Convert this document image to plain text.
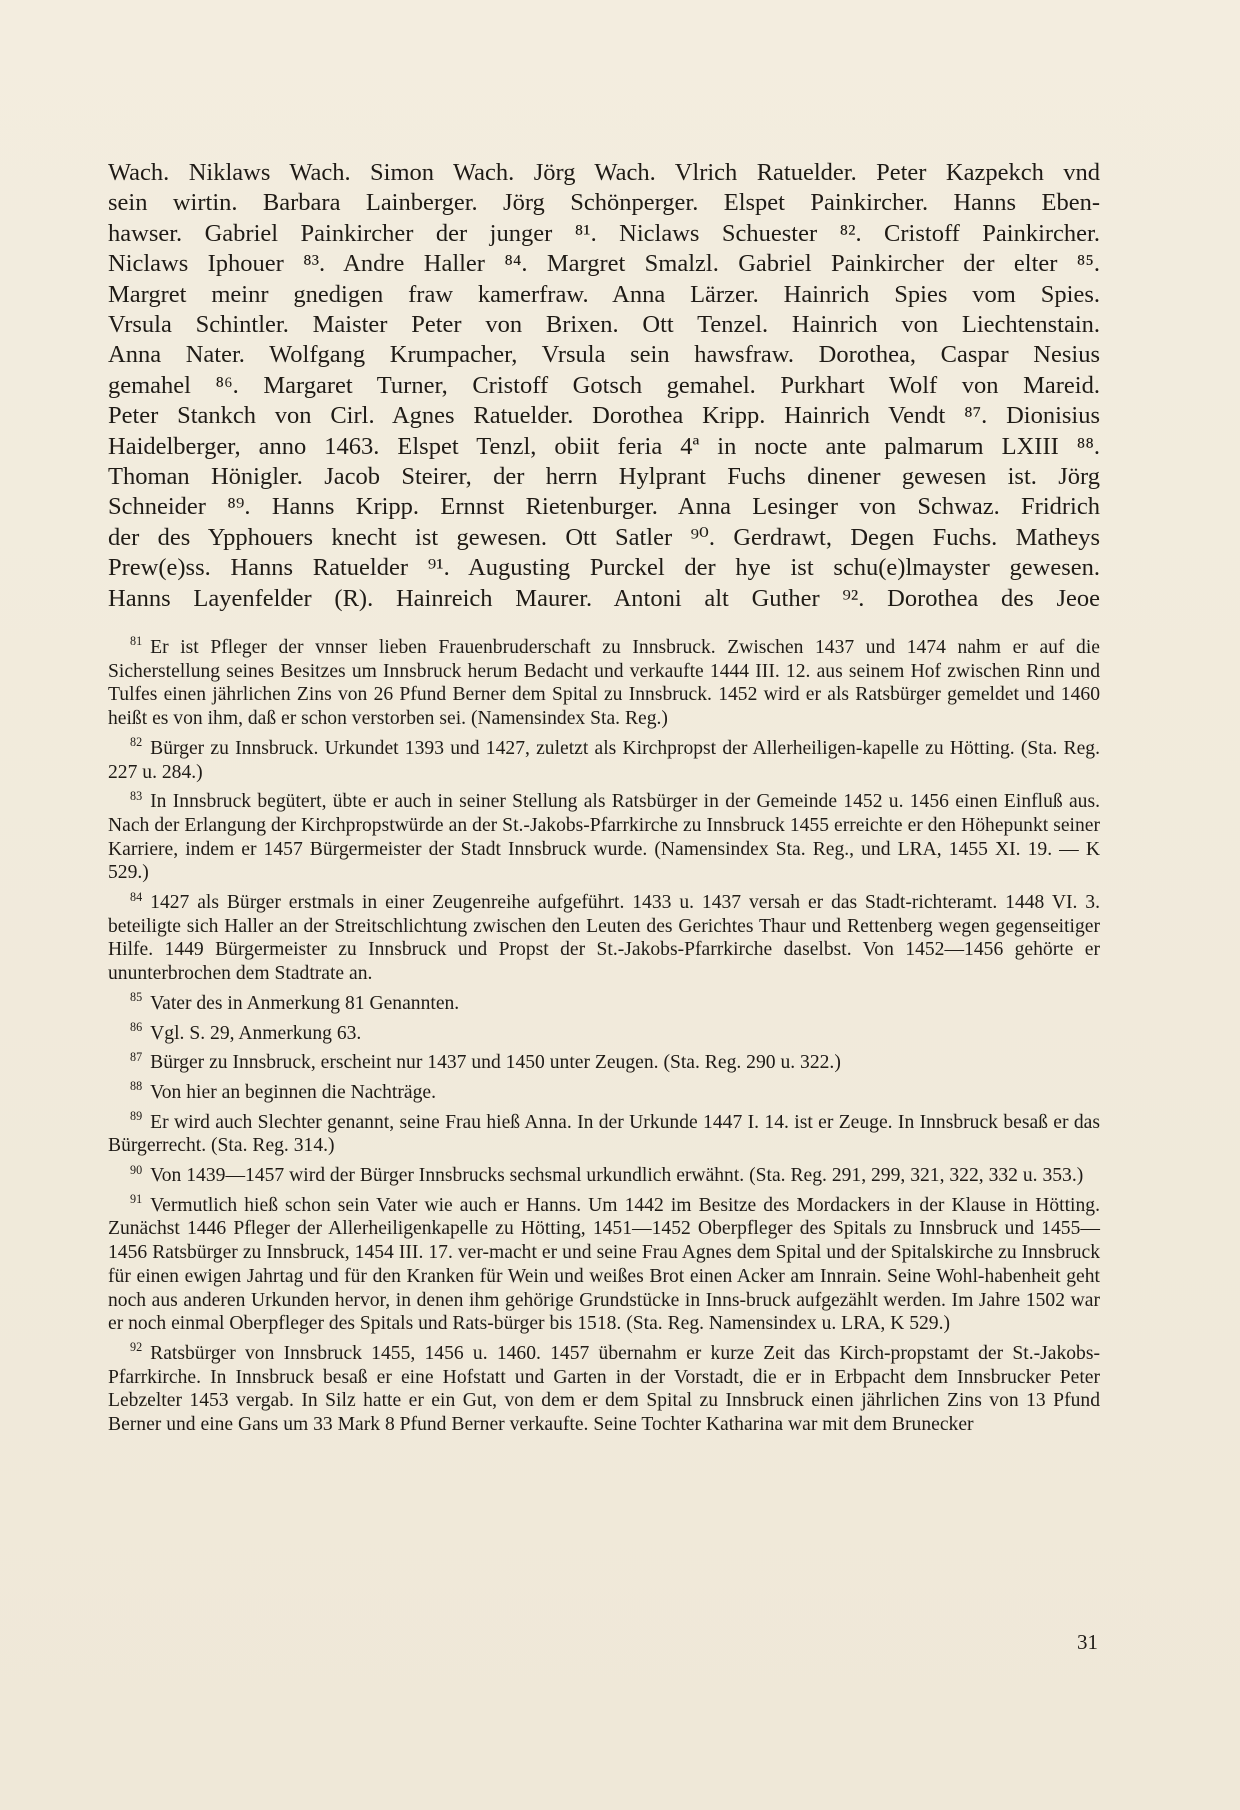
Wach. Niklaws Wach. Simon Wach. Jörg Wach. Vlrich Ratuelder. Peter Kazpekch vnd

sein wirtin. Barbara Lainberger. Jörg Schönperger. Elspet Painkircher. Hanns Eben-

hawser. Gabriel Painkircher der junger ⁸¹. Niclaws Schuester ⁸². Cristoff Painkircher.

Niclaws Iphouer ⁸³. Andre Haller ⁸⁴. Margret Smalzl. Gabriel Painkircher der elter ⁸⁵.

Margret meinr gnedigen fraw kamerfraw. Anna Lärzer. Hainrich Spies vom Spies.

Vrsula Schintler. Maister Peter von Brixen. Ott Tenzel. Hainrich von Liechtenstain.

Anna Nater. Wolfgang Krumpacher, Vrsula sein hawsfraw. Dorothea, Caspar Nesius

gemahel ⁸⁶. Margaret Turner, Cristoff Gotsch gemahel. Purkhart Wolf von Mareid.

Peter Stankch von Cirl. Agnes Ratuelder. Dorothea Kripp. Hainrich Vendt ⁸⁷. Dionisius

Haidelberger, anno 1463. Elspet Tenzl, obiit feria 4ª in nocte ante palmarum LXIII ⁸⁸.

Thoman Hönigler. Jacob Steirer, der herrn Hylprant Fuchs dinener gewesen ist. Jörg

Schneider ⁸⁹. Hanns Kripp. Ernnst Rietenburger. Anna Lesinger von Schwaz. Fridrich

der des Ypphouers knecht ist gewesen. Ott Satler ⁹⁰. Gerdrawt, Degen Fuchs. Matheys

Prew(e)ss. Hanns Ratuelder ⁹¹. Augusting Purckel der hye ist schu(e)lmayster gewesen.

Hanns Layenfelder (R). Hainreich Maurer. Antoni alt Guther ⁹². Dorothea des Jeoe

$^{81}$ Er ist Pfleger der vnnser lieben Frauenbruderschaft zu Innsbruck. Zwischen 1437 und 1474 nahm er auf die Sicherstellung seines Besitzes um Innsbruck herum Bedacht und verkaufte 1444 III. 12. aus seinem Hof zwischen Rinn und Tulfes einen jährlichen Zins von 26 Pfund Berner dem Spital zu Innsbruck. 1452 wird er als Ratsbürger gemeldet und 1460 heißt es von ihm, daß er schon verstorben sei. (Namensindex Sta. Reg.)

$^{82}$ Bürger zu Innsbruck. Urkundet 1393 und 1427, zuletzt als Kirchpropst der Allerheiligen-kapelle zu Hötting. (Sta. Reg. 227 u. 284.)

$^{83}$ In Innsbruck begütert, übte er auch in seiner Stellung als Ratsbürger in der Gemeinde 1452 u. 1456 einen Einfluß aus. Nach der Erlangung der Kirchpropstwürde an der St.-Jakobs-Pfarrkirche zu Innsbruck 1455 erreichte er den Höhepunkt seiner Karriere, indem er 1457 Bürgermeister der Stadt Innsbruck wurde. (Namensindex Sta. Reg., und LRA, 1455 XI. 19. — K 529.)

$^{84}$ 1427 als Bürger erstmals in einer Zeugenreihe aufgeführt. 1433 u. 1437 versah er das Stadt-richteramt. 1448 VI. 3. beteiligte sich Haller an der Streitschlichtung zwischen den Leuten des Gerichtes Thaur und Rettenberg wegen gegenseitiger Hilfe. 1449 Bürgermeister zu Innsbruck und Propst der St.-Jakobs-Pfarrkirche daselbst. Von 1452—1456 gehörte er ununterbrochen dem Stadtrate an.

$^{85}$ Vater des in Anmerkung 81 Genannten.

$^{86}$ Vgl. S. 29, Anmerkung 63.

$^{87}$ Bürger zu Innsbruck, erscheint nur 1437 und 1450 unter Zeugen. (Sta. Reg. 290 u. 322.)

$^{88}$ Von hier an beginnen die Nachträge.

$^{89}$ Er wird auch Slechter genannt, seine Frau hieß Anna. In der Urkunde 1447 I. 14. ist er Zeuge. In Innsbruck besaß er das Bürgerrecht. (Sta. Reg. 314.)

$^{90}$ Von 1439—1457 wird der Bürger Innsbrucks sechsmal urkundlich erwähnt. (Sta. Reg. 291, 299, 321, 322, 332 u. 353.)

$^{91}$ Vermutlich hieß schon sein Vater wie auch er Hanns. Um 1442 im Besitze des Mordackers in der Klause in Hötting. Zunächst 1446 Pfleger der Allerheiligenkapelle zu Hötting, 1451—1452 Oberpfleger des Spitals zu Innsbruck und 1455—1456 Ratsbürger zu Innsbruck, 1454 III. 17. ver-macht er und seine Frau Agnes dem Spital und der Spitalskirche zu Innsbruck für einen ewigen Jahrtag und für den Kranken für Wein und weißes Brot einen Acker am Innrain. Seine Wohl-habenheit geht noch aus anderen Urkunden hervor, in denen ihm gehörige Grundstücke in Inns-bruck aufgezählt werden. Im Jahre 1502 war er noch einmal Oberpfleger des Spitals und Rats-bürger bis 1518. (Sta. Reg. Namensindex u. LRA, K 529.)

$^{92}$ Ratsbürger von Innsbruck 1455, 1456 u. 1460. 1457 übernahm er kurze Zeit das Kirch-propstamt der St.-Jakobs-Pfarrkirche. In Innsbruck besaß er eine Hofstatt und Garten in der Vorstadt, die er in Erbpacht dem Innsbrucker Peter Lebzelter 1453 vergab. In Silz hatte er ein Gut, von dem er dem Spital zu Innsbruck einen jährlichen Zins von 13 Pfund Berner und eine Gans um 33 Mark 8 Pfund Berner verkaufte. Seine Tochter Katharina war mit dem Brunecker

31
